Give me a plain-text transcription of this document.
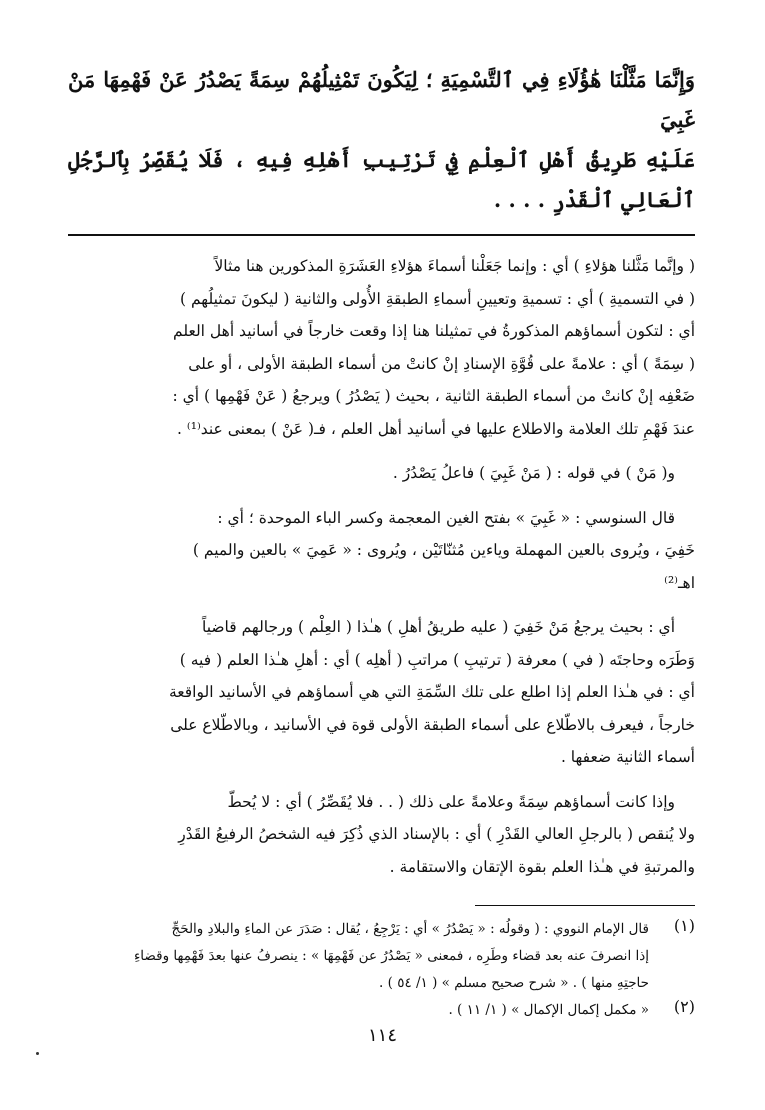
وَإِنَّمَا مَثَّلْنَا هَٰؤُلَاءِ فِي ٱلتَّسْمِيَةِ ؛ لِيَكُونَ تَمْثِيلُهُمْ سِمَةً يَصْدُرُ عَنْ فَهْمِهَا مَنْ غَبِيَ

عَلَيْهِ طَرِيقُ أَهْلِ ٱلْعِلْمِ فِي تَرْتِيبِ أَهْلِهِ فِيهِ ، فَلَا يُقَصِّرُ بِٱلرَّجُلِ ٱلْعَالِي ٱلْقَدْرِ . . . .

( وإنَّما مَثَّلنا هؤلاءِ ) أي : وإنما جَعَلْنا أسماءَ هؤلاءِ العَشَرَةِ المذكورين هنا مثالاً

( في التسميةِ ) أي : تسميةِ وتعيينِ أسماءِ الطبقةِ الأُولى والثانية ( ليكونَ تمثيلُهم )

أي : لتكون أسماؤهم المذكورةُ في تمثيلنا هنا إذا وقعت خارجاً في أسانيد أهل العلم

( سِمَةً ) أي : علامةً على قُوَّةِ الإسنادِ إنْ كانتْ من أسماء الطبقة الأولى ، أو على

ضَعْفِه إنْ كانتْ من أسماء الطبقة الثانية ، بحيث ( يَصْدُرُ ) ويرجعُ ( عَنْ فَهْمِها ) أي :

عندَ فَهْمِ تلك العلامة والاطلاع عليها في أسانيد أهل العلم ، فـ( عَنْ ) بمعنى عند⁽¹⁾ .

و( مَنْ ) في قوله : ( مَنْ غَبِيَ ) فاعلُ يَصْدُرُ .

قال السنوسي : « غَبِيَ » بفتح الغين المعجمة وكسر الباء الموحدة ؛ أي :

خَفِيَ ، ويُروى بالعين المهملة وياءين مُثنّاتَيْن ، ويُروى : « عَمِيَ » بالعين والميم )

اهـ⁽²⁾

أي : بحيث يرجعُ مَنْ خَفِيَ ( عليه طريقُ أهلِ ) هـٰذا ( العِلْم ) ورجالهم قاضياً

وَطَرَه وحاجتَه ( في ) معرفة ( ترتيبِ ) مراتبِ ( أهلِه ) أي : أهلِ هـٰذا العلم ( فيه )

أي : في هـٰذا العلم إذا اطلع على تلك السِّمَةِ التي هي أسماؤهم في الأسانيد الواقعة

خارجاً ، فيعرف بالاطّلاع على أسماء الطبقة الأولى قوة في الأسانيد ، وبالاطّلاع على

أسماء الثانية ضعفها .

وإذا كانت أسماؤهم سِمَةً وعلامةً على ذلك ( . . فلا يُقَصِّرُ ) أي : لا يُحطّ

ولا يُنقص ( بالرجلِ العالي القَدْرِ ) أي : بالإسناد الذي ذُكِرَ فيه الشخصُ الرفيعُ القَدْرِ

والمرتبةِ في هـٰذا العلم بقوة الإتقان والاستقامة .

(١)

قال الإمام النووي : ( وقولُه : « يَصْدُرُ » أي : يَرْجِعُ ، يُقال : صَدَرَ عن الماءِ والبلادِ والحَجِّ

إذا انصرفَ عنه بعد قضاء وطَرِه ، فمعنى « يَصْدُرُ عن فَهْمِهَا » : ينصرفُ عنها بعدَ فَهْمِها وقضاءِ

حاجتِهِ منها ) . « شرح صحيح مسلم » ( ١/ ٥٤ ) .

(٢)

« مكمل إكمال الإكمال » ( ١/ ١١ ) .

١١٤
